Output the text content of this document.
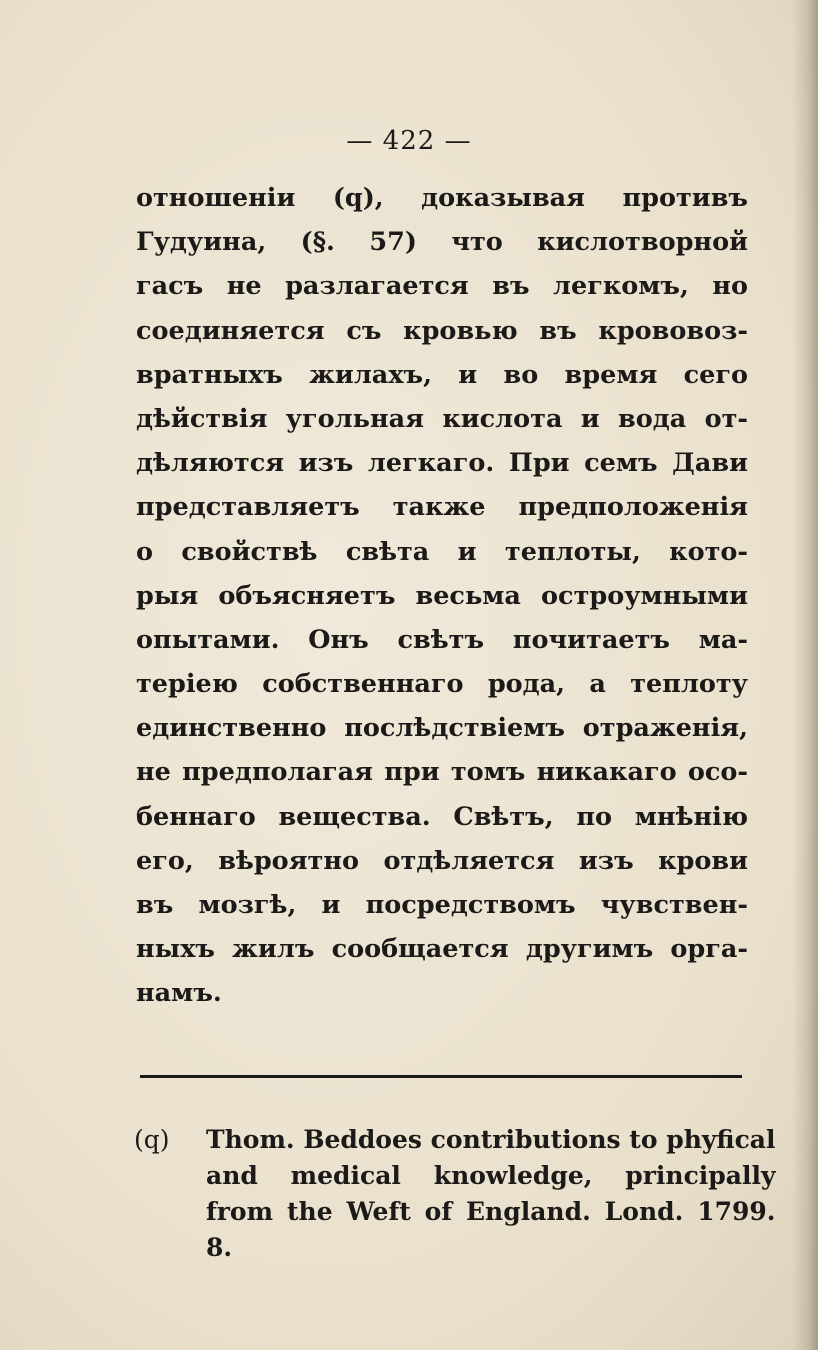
— 422 —
отношеніи (q), доказывая противъ
Гудуина, (§. 57) что кислотворной
гасъ не разлагается въ легкомъ, но
соединяется съ кровью въ крововоз-
вратныхъ жилахъ, и во время сего
дѣйствія угольная кислота и вода от-
дѣляются изъ легкаго. При семъ Дави
представляетъ также предположенія
о свойствѣ свѣта и теплоты, кото-
рыя объясняетъ весьма остроумными
опытами. Онъ свѣтъ почитаетъ ма-
теріею собственнаго рода, а теплоту
единственно послѣдствіемъ отраженія,
не предполагая при томъ никакаго осо-
беннаго вещества. Свѣтъ, по мнѣнію
его, вѣроятно отдѣляется изъ крови
въ мозгѣ, и посредствомъ чувствен-
ныхъ жилъ сообщается другимъ орга-
намъ.
(q)	Thom. Beddoes contributions to phyfical
and medical knowledge, principally
from the Weft of England. Lond. 1799.
8.
